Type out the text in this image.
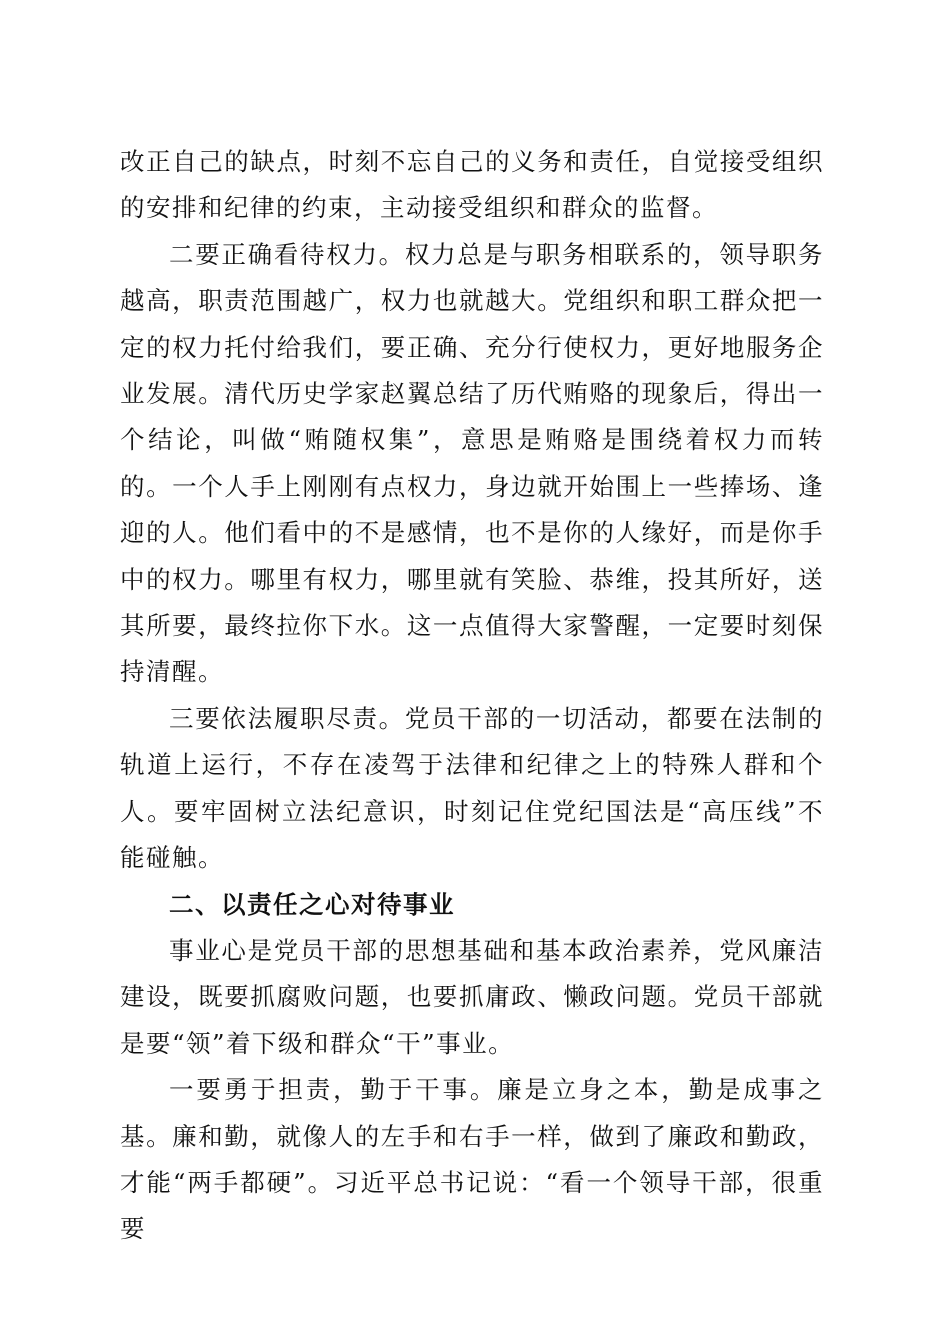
改正自己的缺点，时刻不忘自己的义务和责任，自觉接受组织的安排和纪律的约束，主动接受组织和群众的监督。

二要正确看待权力。权力总是与职务相联系的，领导职务越高，职责范围越广，权力也就越大。党组织和职工群众把一定的权力托付给我们，要正确、充分行使权力，更好地服务企业发展。清代历史学家赵翼总结了历代贿赂的现象后，得出一个结论，叫做“贿随权集”，意思是贿赂是围绕着权力而转的。一个人手上刚刚有点权力，身边就开始围上一些捧场、逢迎的人。他们看中的不是感情，也不是你的人缘好，而是你手中的权力。哪里有权力，哪里就有笑脸、恭维，投其所好，送其所要，最终拉你下水。这一点值得大家警醒，一定要时刻保持清醒。

三要依法履职尽责。党员干部的一切活动，都要在法制的轨道上运行，不存在凌驾于法律和纪律之上的特殊人群和个人。要牢固树立法纪意识，时刻记住党纪国法是“高压线”不能碰触。

二、以责任之心对待事业

事业心是党员干部的思想基础和基本政治素养，党风廉洁建设，既要抓腐败问题，也要抓庸政、懒政问题。党员干部就是要“领”着下级和群众“干”事业。

一要勇于担责，勤于干事。廉是立身之本，勤是成事之基。廉和勤，就像人的左手和右手一样，做到了廉政和勤政，才能“两手都硬”。习近平总书记说：“看一个领导干部，很重要
